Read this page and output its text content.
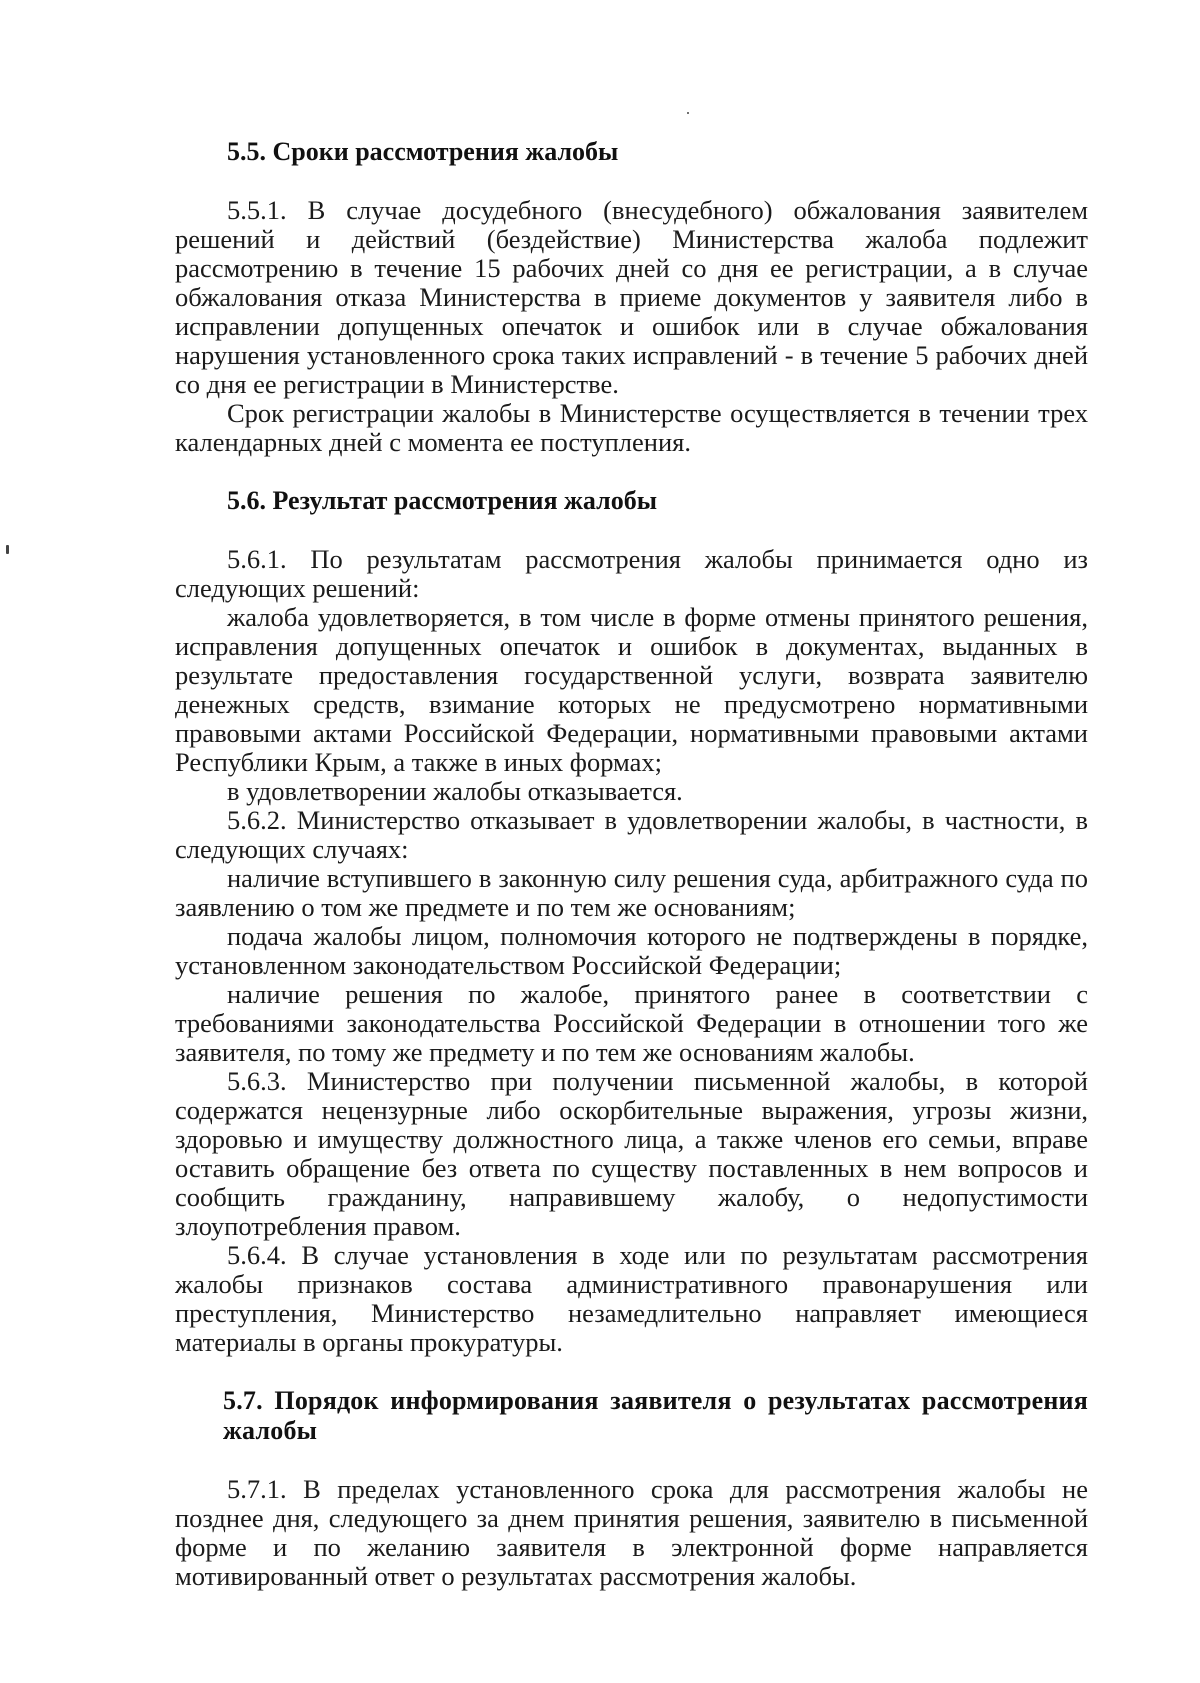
5.5. Сроки рассмотрения жалобы

5.5.1. В случае досудебного (внесудебного) обжалования заявителем решений и действий (бездействие) Министерства жалоба подлежит рассмотрению в течение 15 рабочих дней со дня ее регистрации, а в случае обжалования отказа Министерства в приеме документов у заявителя либо в исправлении допущенных опечаток и ошибок или в случае обжалования нарушения установленного срока таких исправлений - в течение 5 рабочих дней со дня ее регистрации в Министерстве.

Срок регистрации жалобы в Министерстве осуществляется в течении трех календарных дней с момента ее поступления.

5.6. Результат рассмотрения жалобы

5.6.1. По результатам рассмотрения жалобы принимается одно из следующих решений:

жалоба удовлетворяется, в том числе в форме отмены принятого решения, исправления допущенных опечаток и ошибок в документах, выданных в результате предоставления государственной услуги, возврата заявителю денежных средств, взимание которых не предусмотрено нормативными правовыми актами Российской Федерации, нормативными правовыми актами Республики Крым, а также в иных формах;

в удовлетворении жалобы отказывается.

5.6.2. Министерство отказывает в удовлетворении жалобы, в частности, в следующих случаях:

наличие вступившего в законную силу решения суда, арбитражного суда по заявлению о том же предмете и по тем же основаниям;

подача жалобы лицом, полномочия которого не подтверждены в порядке, установленном законодательством Российской Федерации;

наличие решения по жалобе, принятого ранее в соответствии с требованиями законодательства Российской Федерации в отношении того же заявителя, по тому же предмету и по тем же основаниям жалобы.

5.6.3. Министерство при получении письменной жалобы, в которой содержатся нецензурные либо оскорбительные выражения, угрозы жизни, здоровью и имуществу должностного лица, а также членов его семьи, вправе оставить обращение без ответа по существу поставленных в нем вопросов и сообщить гражданину, направившему жалобу, о недопустимости злоупотребления правом.

5.6.4. В случае установления в ходе или по результатам рассмотрения жалобы признаков состава административного правонарушения или преступления, Министерство незамедлительно направляет имеющиеся материалы в органы прокуратуры.

5.7. Порядок информирования заявителя о результатах рассмотрения жалобы

5.7.1. В пределах установленного срока для рассмотрения жалобы не позднее дня, следующего за днем принятия решения, заявителю в письменной форме и по желанию заявителя в электронной форме направляется мотивированный ответ о результатах рассмотрения жалобы.
